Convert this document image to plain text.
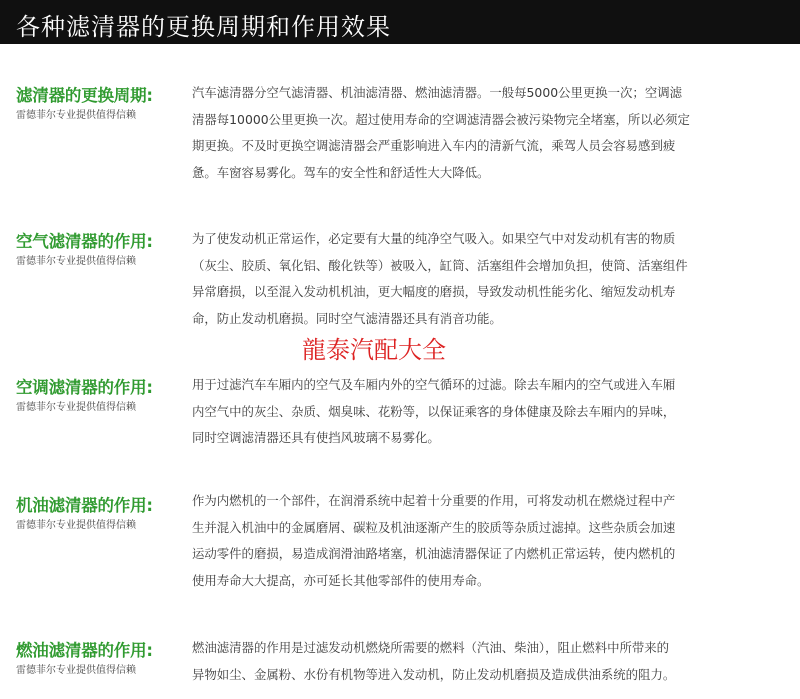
各种滤清器的更换周期和作用效果
滤清器的更换周期:
雷德菲尔专业提供值得信赖
汽车滤清器分空气滤清器、机油滤清器、燃油滤清器。一般每5000公里更换一次；空调滤
清器每10000公里更换一次。超过使用寿命的空调滤清器会被污染物完全堵塞，所以必须定
期更换。不及时更换空调滤清器会严重影响进入车内的清新气流，乘驾人员会容易感到疲
惫。车窗容易雾化。驾车的安全性和舒适性大大降低。
空气滤清器的作用:
雷德菲尔专业提供值得信赖
为了使发动机正常运作，必定要有大量的纯净空气吸入。如果空气中对发动机有害的物质
（灰尘、胶质、氧化铝、酸化铁等）被吸入，缸筒、活塞组件会增加负担，使筒、活塞组件
异常磨损，以至混入发动机机油，更大幅度的磨损，导致发动机性能劣化、缩短发动机寿
命，防止发动机磨损。同时空气滤清器还具有消音功能。
龍泰汽配大全
空调滤清器的作用:
雷德菲尔专业提供值得信赖
用于过滤汽车车厢内的空气及车厢内外的空气循环的过滤。除去车厢内的空气或进入车厢
内空气中的灰尘、杂质、烟臭味、花粉等，以保证乘客的身体健康及除去车厢内的异味，
同时空调滤清器还具有使挡风玻璃不易雾化。
机油滤清器的作用:
雷德菲尔专业提供值得信赖
作为内燃机的一个部件，在润滑系统中起着十分重要的作用，可将发动机在燃烧过程中产
生并混入机油中的金属磨屑、碳粒及机油逐渐产生的胶质等杂质过滤掉。这些杂质会加速
运动零件的磨损，易造成润滑油路堵塞，机油滤清器保证了内燃机正常运转，使内燃机的
使用寿命大大提高，亦可延长其他零部件的使用寿命。
燃油滤清器的作用:
雷德菲尔专业提供值得信赖
燃油滤清器的作用是过滤发动机燃烧所需要的燃料（汽油、柴油），阻止燃料中所带来的
异物如尘、金属粉、水份有机物等进入发动机，防止发动机磨损及造成供油系统的阻力。
